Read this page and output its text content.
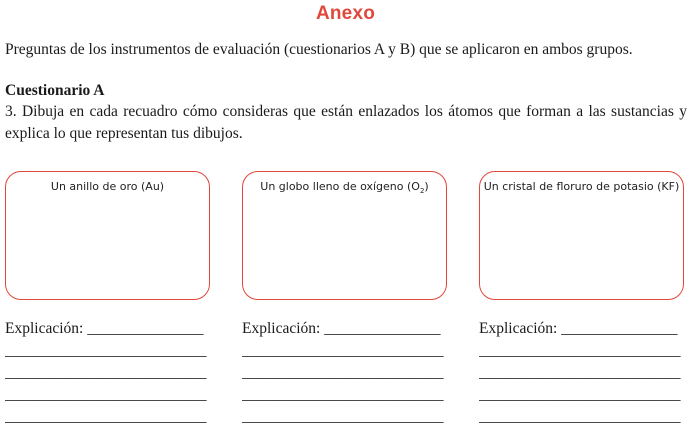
Anexo
Preguntas de los instrumentos de evaluación (cuestionarios A y B) que se aplicaron en ambos grupos.
Cuestionario A
3. Dibuja en cada recuadro cómo consideras que están enlazados los átomos que forman a las sustancias y explica lo que representan tus dibujos.
Un anillo de oro (Au)	Un globo lleno de oxígeno $(O_2)$	Un cristal de floruro de potasio (KF)
Explicación: _______________
__________________________
__________________________
__________________________
__________________________
Explicación: _______________
__________________________
__________________________
__________________________
__________________________
Explicación: _______________
__________________________
__________________________
__________________________
__________________________
